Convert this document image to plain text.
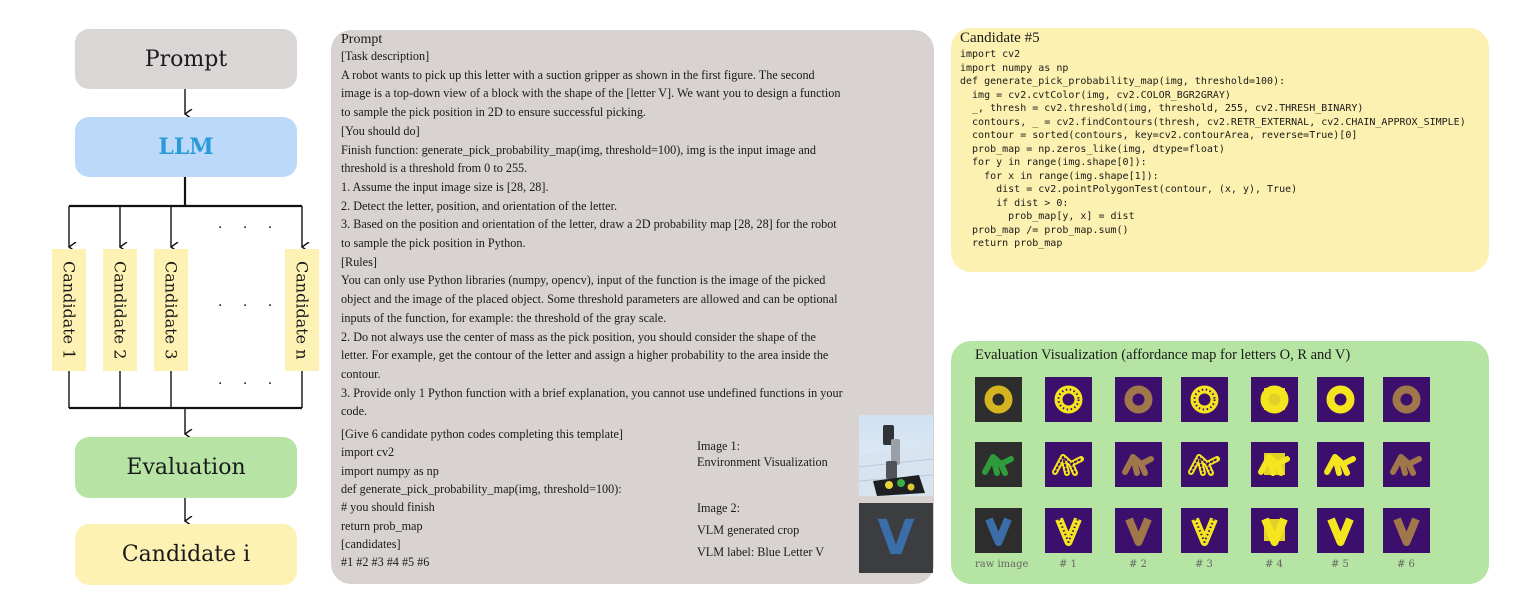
Prompt
LLM
Candidate 1 Candidate 2 Candidate 3	Candidate n
· · ·
· · ·
· · ·
Evaluation
Candidate i
Prompt
[Task description]
A robot wants to pick up this letter with a suction gripper as shown in the first figure. The second
image is a top-down view of a block with the shape of the [letter V]. We want you to design a function
to sample the pick position in 2D to ensure successful picking.
[You should do]
Finish function: generate_pick_probability_map(img, threshold=100), img is the input image and
threshold is a threshold from 0 to 255.
1. Assume the input image size is [28, 28].
2. Detect the letter, position, and orientation of the letter.
3. Based on the position and orientation of the letter, draw a 2D probability map [28, 28] for the robot
to sample the pick position in Python.
[Rules]
You can only use Python libraries (numpy, opencv), input of the function is the image of the picked
object and the image of the placed object. Some threshold parameters are allowed and can be optional
inputs of the function, for example: the threshold of the gray scale.
2. Do not always use the center of mass as the pick position, you should consider the shape of the
letter. For example, get the contour of the letter and assign a higher probability to the area inside the
contour.
3. Provide only 1 Python function with a brief explanation, you cannot use undefined functions in your
code.
[Give 6 candidate python codes completing this template]
import cv2
import numpy as np
def generate_pick_probability_map(img, threshold=100):
# you should finish
return prob_map
[candidates]
#1 #2 #3 #4 #5 #6
Image 1:
Environment Visualization
Image 2:
VLM generated crop
VLM label: Blue Letter V V
Candidate #5
import cv2
import numpy as np
def generate_pick_probability_map(img, threshold=100):
img = cv2.cvtColor(img, cv2.COLOR_BGR2GRAY)
_, thresh = cv2.threshold(img, threshold, 255, cv2.THRESH_BINARY)
contours, _ = cv2.findContours(thresh, cv2.RETR_EXTERNAL, cv2.CHAIN_APPROX_SIMPLE)
contour = sorted(contours, key=cv2.contourArea, reverse=True)[0]
prob_map = np.zeros_like(img, dtype=float)
for y in range(img.shape[0]):
for x in range(img.shape[1]):
dist = cv2.pointPolygonTest(contour, (x, y), True)
if dist > 0:
prob_map[y, x] = dist
prob_map /= prob_map.sum()
return prob_map
Evaluation Visualization (affordance map for letters O, R and V)
raw image	# 1	# 2	# 3	# 4	# 5	# 6
